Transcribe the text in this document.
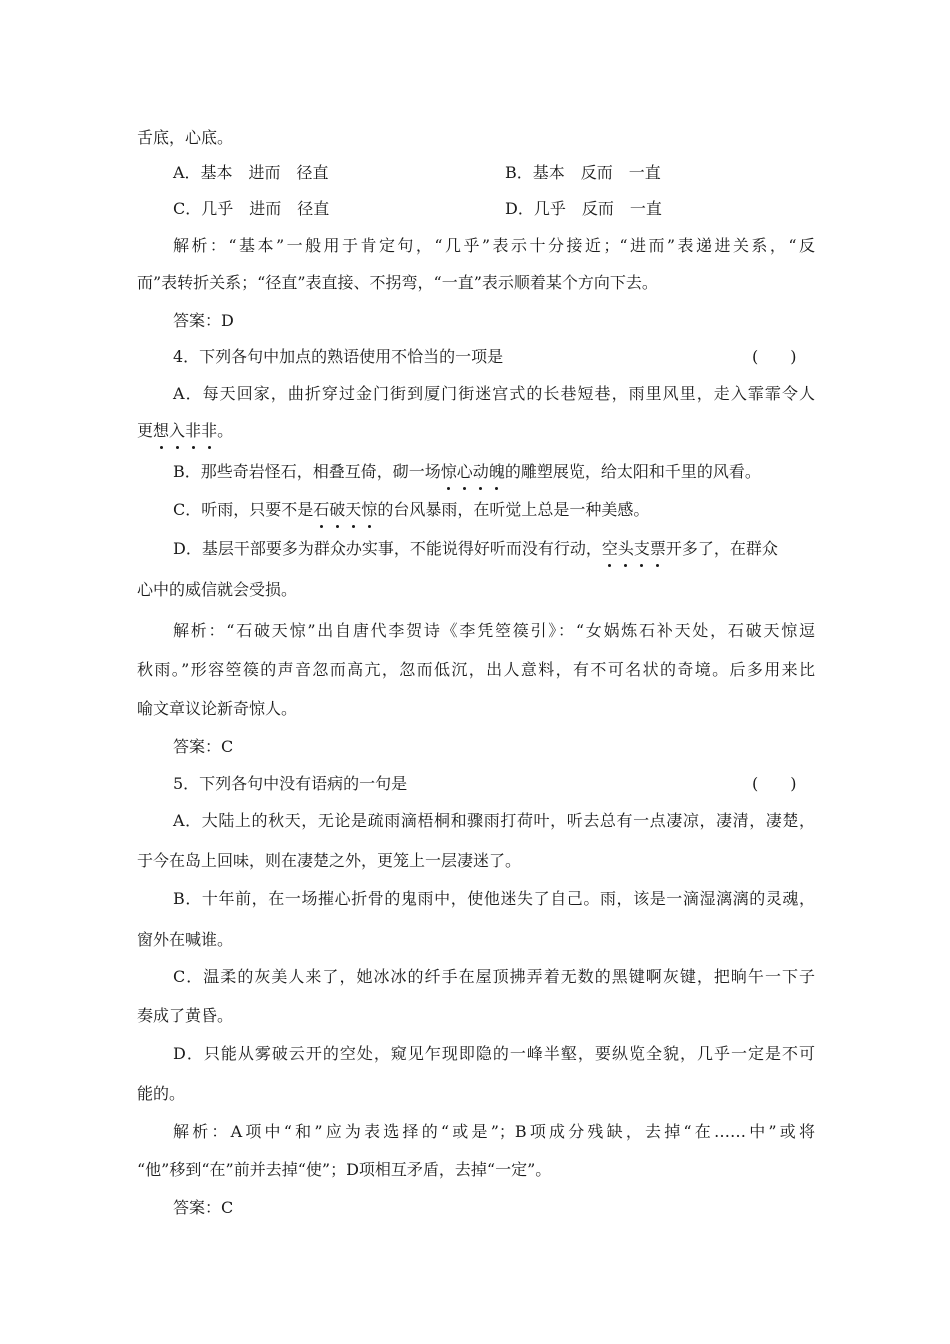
舌底，心底。
A．基本　进而　径直	B．基本　反而　一直
C．几乎　进而　径直	D．几乎　反而　一直
解析：“基本”一般用于肯定句，“几乎”表示十分接近；“进而”表递进关系，“反
而”表转折关系；“径直”表直接、不拐弯，“一直”表示顺着某个方向下去。
答案：D
4．下列各句中加点的熟语使用不恰当的一项是	(　　)
A．每天回家，曲折穿过金门街到厦门街迷宫式的长巷短巷，雨里风里，走入霏霏令人
更想入非非。
B．那些奇岩怪石，相叠互倚，砌一场惊心动魄的雕塑展览，给太阳和千里的风看。
C．听雨，只要不是石破天惊的台风暴雨，在听觉上总是一种美感。
D．基层干部要多为群众办实事，不能说得好听而没有行动，空头支票开多了，在群众
心中的威信就会受损。
解析：“石破天惊”出自唐代李贺诗《李凭箜篌引》：“女娲炼石补天处，石破天惊逗
秋雨。”形容箜篌的声音忽而高亢，忽而低沉，出人意料，有不可名状的奇境。后多用来比
喻文章议论新奇惊人。
答案：C
5．下列各句中没有语病的一句是	(　　)
A．大陆上的秋天，无论是疏雨滴梧桐和骤雨打荷叶，听去总有一点凄凉，凄清，凄楚，
于今在岛上回味，则在凄楚之外，更笼上一层凄迷了。
B．十年前，在一场摧心折骨的鬼雨中，使他迷失了自己。雨，该是一滴湿漓漓的灵魂，
窗外在喊谁。
C．温柔的灰美人来了，她冰冰的纤手在屋顶拂弄着无数的黑键啊灰键，把晌午一下子
奏成了黄昏。
D．只能从雾破云开的空处，窥见乍现即隐的一峰半壑，要纵览全貌，几乎一定是不可
能的。
解析：A项中“和”应为表选择的“或是”；B项成分残缺，去掉“在……中”或将
“他”移到“在”前并去掉“使”；D项相互矛盾，去掉“一定”。
答案：C
